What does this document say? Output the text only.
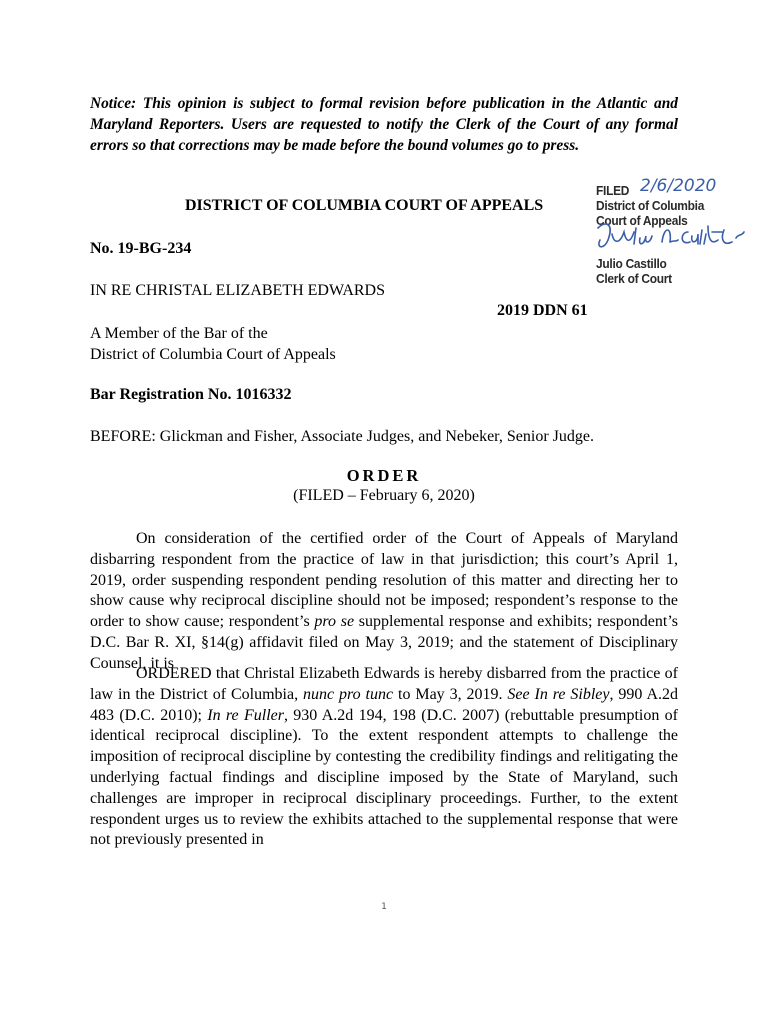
Notice: This opinion is subject to formal revision before publication in the Atlantic and Maryland Reporters. Users are requested to notify the Clerk of the Court of any formal errors so that corrections may be made before the bound volumes go to press.
DISTRICT OF COLUMBIA COURT OF APPEALS
FILED 2/6/2020
District of Columbia
Court of Appeals
Julio Castillo
Clerk of Court
No. 19-BG-234
IN RE CHRISTAL ELIZABETH EDWARDS
2019 DDN 61
A Member of the Bar of the
District of Columbia Court of Appeals
Bar Registration No. 1016332
BEFORE: Glickman and Fisher, Associate Judges, and Nebeker, Senior Judge.
ORDER
(FILED – February 6, 2020)

On consideration of the certified order of the Court of Appeals of Maryland disbarring respondent from the practice of law in that jurisdiction; this court’s April 1, 2019, order suspending respondent pending resolution of this matter and directing her to show cause why reciprocal discipline should not be imposed; respondent’s response to the order to show cause; respondent’s pro se supplemental response and exhibits; respondent’s D.C. Bar R. XI, §14(g) affidavit filed on May 3, 2019; and the statement of Disciplinary Counsel, it is

ORDERED that Christal Elizabeth Edwards is hereby disbarred from the practice of law in the District of Columbia, nunc pro tunc to May 3, 2019. See In re Sibley, 990 A.2d 483 (D.C. 2010); In re Fuller, 930 A.2d 194, 198 (D.C. 2007) (rebuttable presumption of identical reciprocal discipline). To the extent respondent attempts to challenge the imposition of reciprocal discipline by contesting the credibility findings and relitigating the underlying factual findings and discipline imposed by the State of Maryland, such challenges are improper in reciprocal disciplinary proceedings. Further, to the extent respondent urges us to review the exhibits attached to the supplemental response that were not previously presented in

1
